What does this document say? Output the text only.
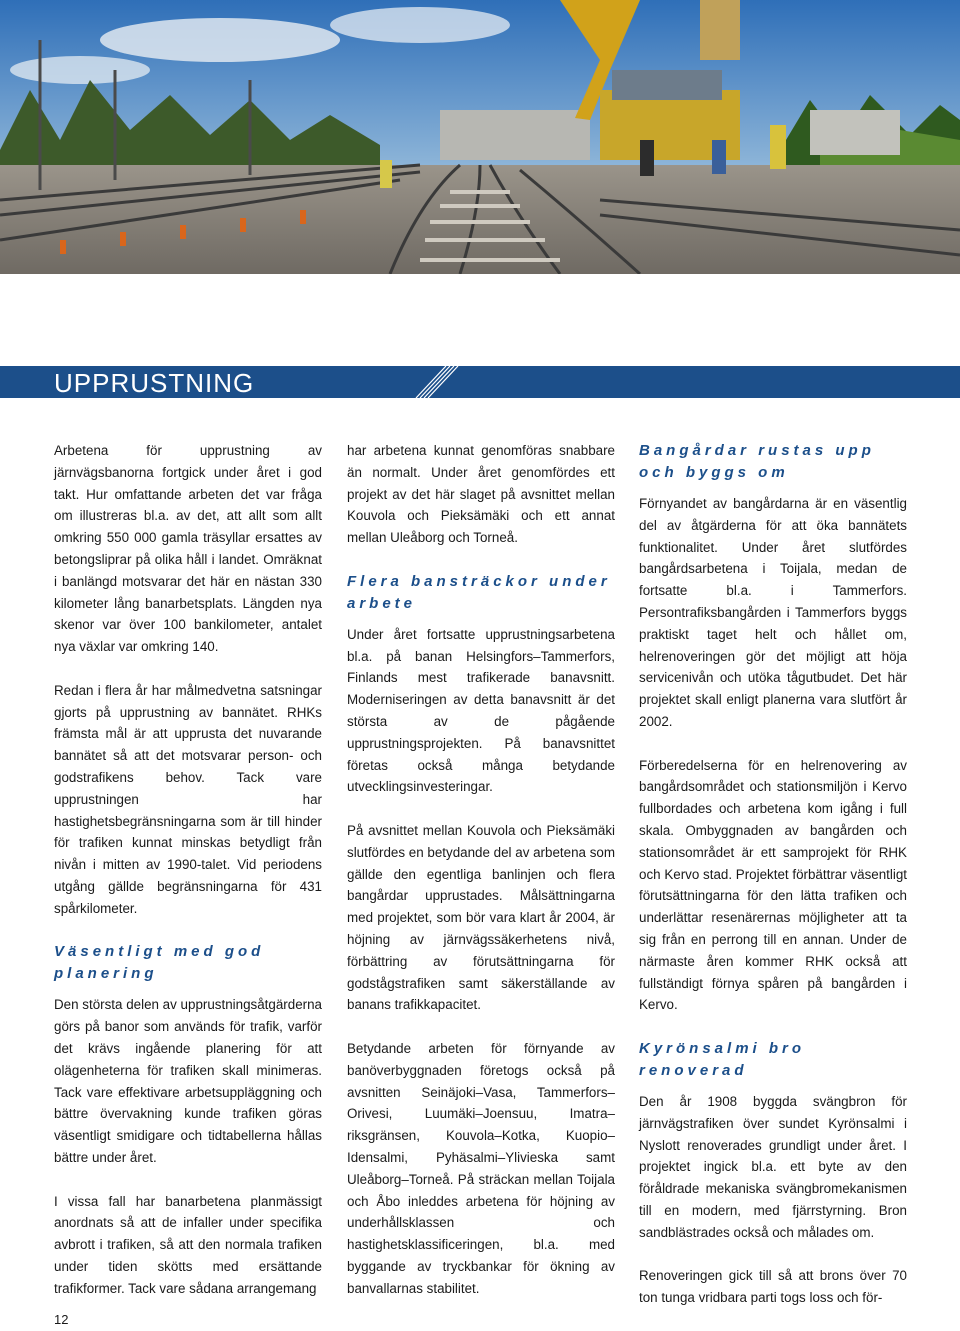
UPPRUSTNING

Arbetena för upprustning av järnvägsbanorna fortgick under året i god takt. Hur omfattande arbeten det var fråga om illustreras bl.a. av det, att allt som allt omkring 550 000 gamla träsyllar ersattes av betongsliprar på olika håll i landet. Omräknat i banlängd motsvarar det här en nästan 330 kilometer lång banarbetsplats. Längden nya skenor var över 100 bankilometer, antalet nya växlar var omkring 140.

Redan i flera år har målmedvetna satsningar gjorts på upprustning av bannätet. RHKs främsta mål är att upprusta det nuvarande bannätet så att det motsvarar person- och godstrafikens behov. Tack vare upprustningen har hastighetsbegränsningarna som är till hinder för trafiken kunnat minskas betydligt från nivån i mitten av 1990-talet. Vid periodens utgång gällde begränsningarna för 431 spårkilometer.

Väsentligt med god planering

Den största delen av upprustningsåtgärderna görs på banor som används för trafik, varför det krävs ingående planering för att olägenheterna för trafiken skall minimeras. Tack vare effektivare arbetsuppläggning och bättre övervakning kunde trafiken göras väsentligt smidigare och tidtabellerna hållas bättre under året.

I vissa fall har banarbetena planmässigt anordnats så att de infaller under specifika avbrott i trafiken, så att den normala trafiken under tiden skötts med ersättande trafikformer. Tack vare sådana arrangemang

har arbetena kunnat genomföras snabbare än normalt. Under året genomfördes ett projekt av det här slaget på avsnittet mellan Kouvola och Pieksämäki och ett annat mellan Uleåborg och Torneå.

Flera bansträckor under arbete

Under året fortsatte upprustningsarbetena bl.a. på banan Helsingfors–Tammerfors, Finlands mest trafikerade banavsnitt. Moderniseringen av detta banavsnitt är det största av de pågående upprustningsprojekten. På banavsnittet företas också många betydande utvecklingsinvesteringar.

På avsnittet mellan Kouvola och Pieksämäki slutfördes en betydande del av arbetena som gällde den egentliga banlinjen och flera bangårdar upprustades. Målsättningarna med projektet, som bör vara klart år 2004, är höjning av järnvägssäkerhetens nivå, förbättring av förutsättningarna för godstågstrafiken samt säkerställande av banans trafikkapacitet.

Betydande arbeten för förnyande av banöverbyggnaden företogs också på avsnitten Seinäjoki–Vasa, Tammerfors–Orivesi, Luumäki–Joensuu, Imatra–riksgränsen, Kouvola–Kotka, Kuopio–Idensalmi, Pyhäsalmi–Ylivieska samt Uleåborg–Torneå. På sträckan mellan Toijala och Åbo inleddes arbetena för höjning av underhållsklassen och hastighetsklassificeringen, bl.a. med byggande av tryckbankar för ökning av banvallarnas stabilitet.

Bangårdar rustas upp och byggs om

Förnyandet av bangårdarna är en väsentlig del av åtgärderna för att öka bannätets funktionalitet. Under året slutfördes bangårdsarbetena i Toijala, medan de fortsatte bl.a. i Tammerfors. Persontrafiksbangården i Tammerfors byggs praktiskt taget helt och hållet om, helrenoveringen gör det möjligt att höja servicenivån och utöka tågutbudet. Det här projektet skall enligt planerna vara slutfört år 2002.

Förberedelserna för en helrenovering av bangårdsområdet och stationsmiljön i Kervo fullbordades och arbetena kom igång i full skala. Ombyggnaden av bangården och stationsområdet är ett samprojekt för RHK och Kervo stad. Projektet förbättrar väsentligt förutsättningarna för den lätta trafiken och underlättar resenärernas möjligheter att ta sig från en perrong till en annan. Under de närmaste åren kommer RHK också att fullständigt förnya spåren på bangården i Kervo.

Kyrönsalmi bro renoverad

Den år 1908 byggda svängbron för järnvägstrafiken över sundet Kyrönsalmi i Nyslott renoverades grundligt under året. I projektet ingick bl.a. ett byte av den föråldrade mekaniska svängbromekanismen till en modern, med fjärrstyrning. Bron sandblästrades också och målades om.

Renoveringen gick till så att brons över 70 ton tunga vridbara parti togs loss och för-

12
